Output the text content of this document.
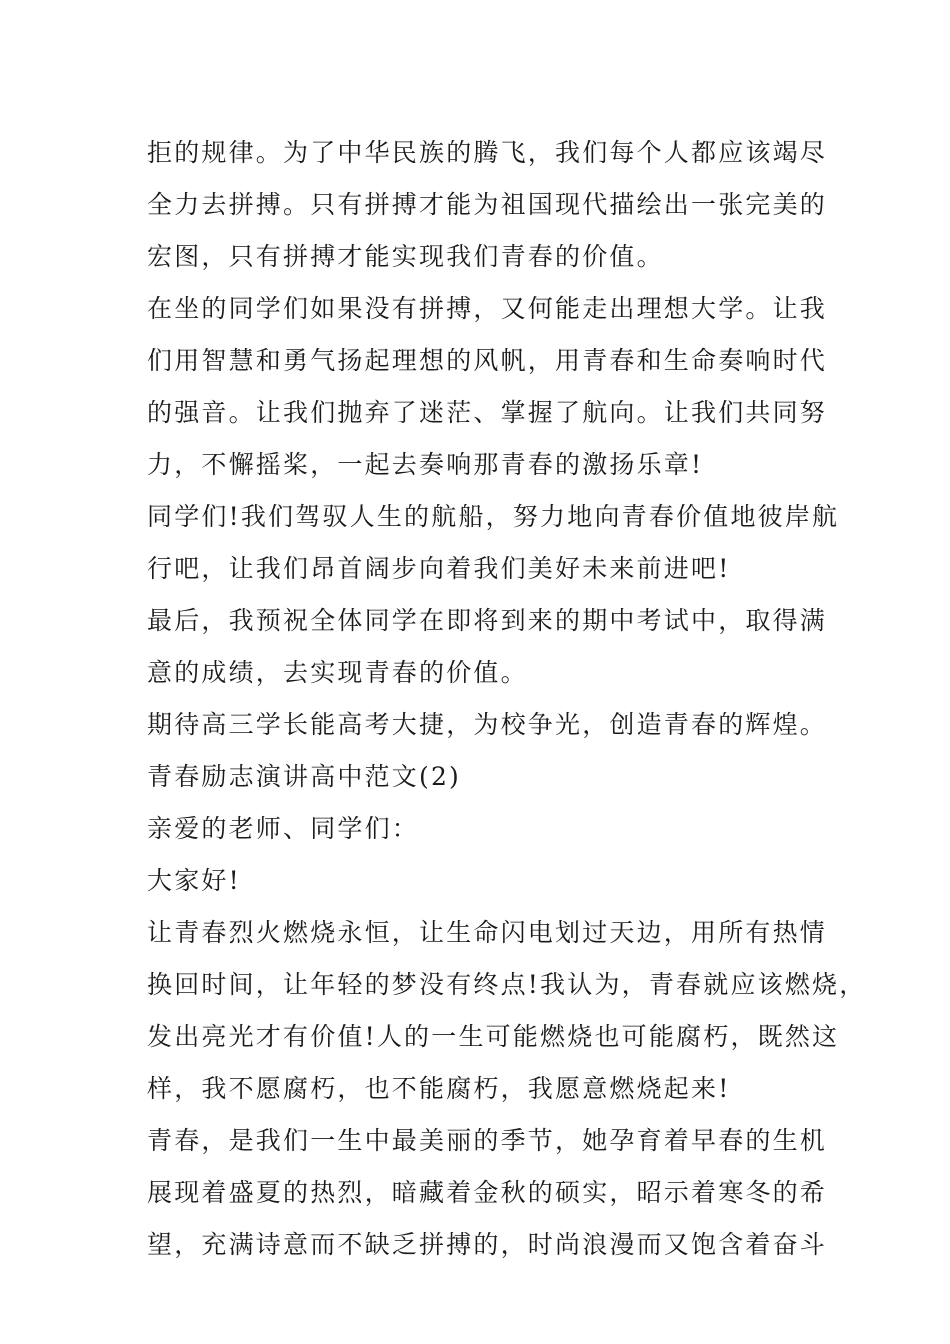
拒的规律。为了中华民族的腾飞，我们每个人都应该竭尽
全力去拼搏。只有拼搏才能为祖国现代描绘出一张完美的
宏图，只有拼搏才能实现我们青春的价值。
在坐的同学们如果没有拼搏，又何能走出理想大学。让我
们用智慧和勇气扬起理想的风帆，用青春和生命奏响时代
的强音。让我们抛弃了迷茫、掌握了航向。让我们共同努
力，不懈摇桨，一起去奏响那青春的激扬乐章!
同学们!我们驾驭人生的航船，努力地向青春价值地彼岸航
行吧，让我们昂首阔步向着我们美好未来前进吧!
最后，我预祝全体同学在即将到来的期中考试中，取得满
意的成绩，去实现青春的价值。
期待高三学长能高考大捷，为校争光，创造青春的辉煌。
青春励志演讲高中范文(2)
亲爱的老师、同学们：
大家好!
让青春烈火燃烧永恒，让生命闪电划过天边，用所有热情
换回时间，让年轻的梦没有终点!我认为，青春就应该燃烧，
发出亮光才有价值!人的一生可能燃烧也可能腐朽，既然这
样，我不愿腐朽，也不能腐朽，我愿意燃烧起来!
青春，是我们一生中最美丽的季节，她孕育着早春的生机
展现着盛夏的热烈，暗藏着金秋的硕实，昭示着寒冬的希
望，充满诗意而不缺乏拼搏的，时尚浪漫而又饱含着奋斗
